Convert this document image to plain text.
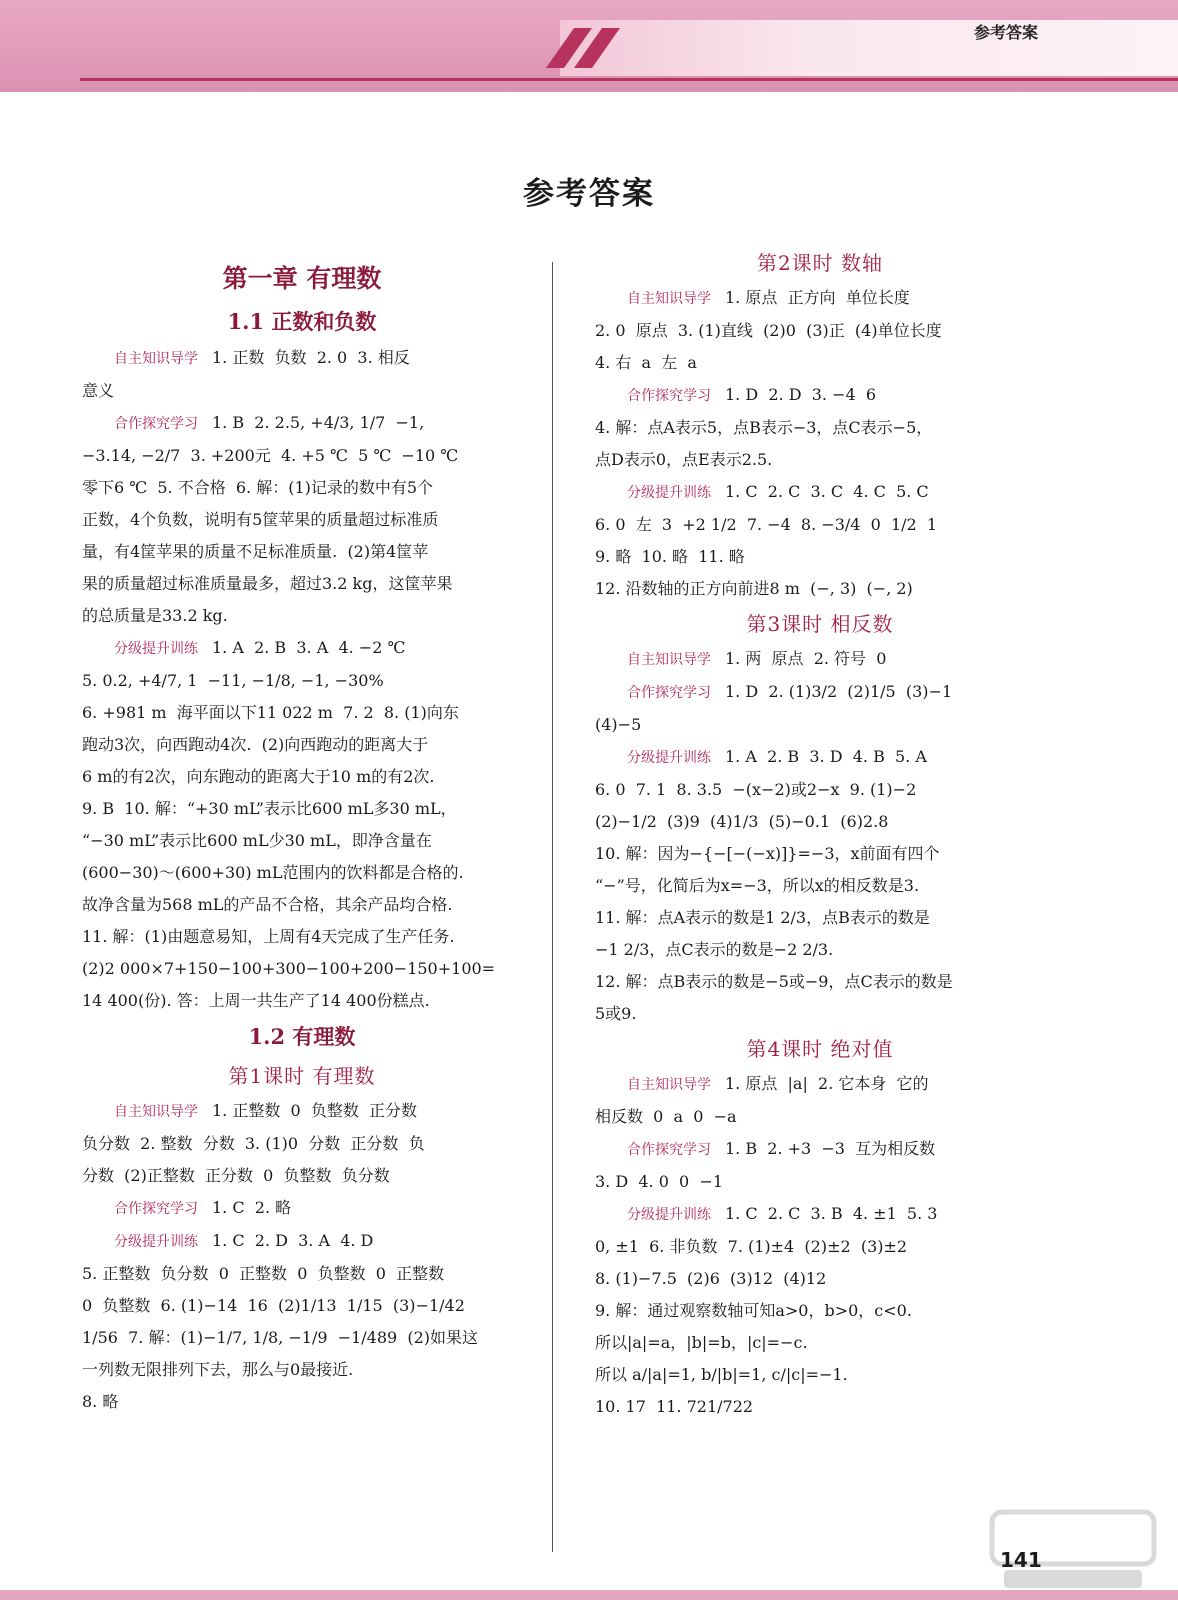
参考答案
参考答案
第一章 有理数
1.1 正数和负数

自主知识导学 1. 正数  负数  2. 0  3. 相反

意义

合作探究学习 1. B  2. 2.5, +4/3, 1/7  −1,

−3.14, −2/7  3. +200元  4. +5 ℃  5 ℃  −10 ℃

零下6 ℃  5. 不合格  6. 解：(1)记录的数中有5个

正数，4个负数，说明有5筐苹果的质量超过标准质

量，有4筐苹果的质量不足标准质量.  (2)第4筐苹

果的质量超过标准质量最多，超过3.2 kg，这筐苹果

的总质量是33.2 kg.

分级提升训练 1. A  2. B  3. A  4. −2 ℃

5. 0.2, +4/7, 1  −11, −1/8, −1, −30%

6. +981 m  海平面以下11 022 m  7. 2  8. (1)向东

跑动3次，向西跑动4次.  (2)向西跑动的距离大于

6 m的有2次，向东跑动的距离大于10 m的有2次.

9. B  10. 解：“+30 mL”表示比600 mL多30 mL，

“−30 mL”表示比600 mL少30 mL，即净含量在

(600−30)～(600+30) mL范围内的饮料都是合格的.

故净含量为568 mL的产品不合格，其余产品均合格.

11. 解：(1)由题意易知，上周有4天完成了生产任务.

(2)2 000×7+150−100+300−100+200−150+100=

14 400(份). 答：上周一共生产了14 400份糕点.

1.2 有理数
第1课时 有理数

自主知识导学 1. 正整数  0  负整数  正分数

负分数  2. 整数  分数  3. (1)0  分数  正分数  负

分数  (2)正整数  正分数  0  负整数  负分数

合作探究学习 1. C  2. 略

分级提升训练 1. C  2. D  3. A  4. D

5. 正整数  负分数  0  正整数  0  负整数  0  正整数

0  负整数  6. (1)−14  16  (2)1/13  1/15  (3)−1/42

1/56  7. 解：(1)−1/7, 1/8, −1/9  −1/489  (2)如果这

一列数无限排列下去，那么与0最接近.

8. 略

第2课时 数轴

自主知识导学 1. 原点  正方向  单位长度

2. 0  原点  3. (1)直线  (2)0  (3)正  (4)单位长度

4. 右  a  左  a

合作探究学习 1. D  2. D  3. −4  6

4. 解：点A表示5，点B表示−3，点C表示−5，

点D表示0，点E表示2.5.

分级提升训练 1. C  2. C  3. C  4. C  5. C

6. 0  左  3  +2 1/2  7. −4  8. −3/4  0  1/2  1

9. 略  10. 略  11. 略

12. 沿数轴的正方向前进8 m  (−, 3)  (−, 2)

第3课时 相反数

自主知识导学 1. 两  原点  2. 符号  0

合作探究学习 1. D  2. (1)3/2  (2)1/5  (3)−1

(4)−5

分级提升训练 1. A  2. B  3. D  4. B  5. A

6. 0  7. 1  8. 3.5  −(x−2)或2−x  9. (1)−2

(2)−1/2  (3)9  (4)1/3  (5)−0.1  (6)2.8

10. 解：因为−{−[−(−x)]}=−3，x前面有四个

“−”号，化简后为x=−3，所以x的相反数是3.

11. 解：点A表示的数是1 2/3，点B表示的数是

−1 2/3，点C表示的数是−2 2/3.

12. 解：点B表示的数是−5或−9，点C表示的数是

5或9.

第4课时 绝对值

自主知识导学 1. 原点  |a|  2. 它本身  它的

相反数  0  a  0  −a

合作探究学习 1. B  2. +3  −3  互为相反数

3. D  4. 0  0  −1

分级提升训练 1. C  2. C  3. B  4. ±1  5. 3

0, ±1  6. 非负数  7. (1)±4  (2)±2  (3)±2

8. (1)−7.5  (2)6  (3)12  (4)12

9. 解：通过观察数轴可知a>0，b>0，c<0.

所以|a|=a，|b|=b，|c|=−c.

所以 a/|a|=1, b/|b|=1, c/|c|=−1.

10. 17  11. 721/722

141
